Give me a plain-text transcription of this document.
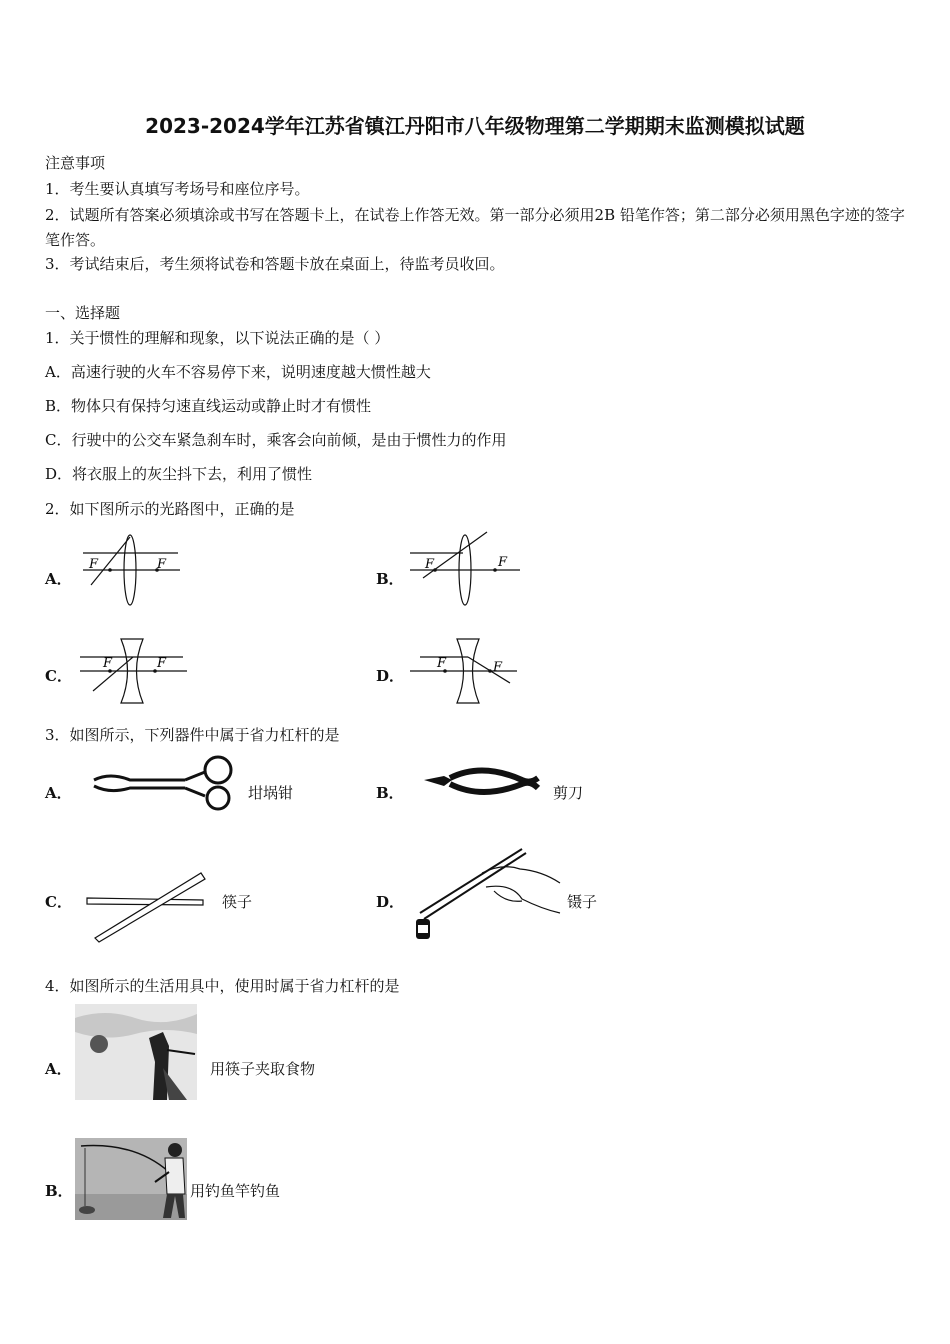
2023-2024学年江苏省镇江丹阳市八年级物理第二学期期末监测模拟试题
注意事项
1．考生要认真填写考场号和座位序号。
2．试题所有答案必须填涂或书写在答题卡上，在试卷上作答无效。第一部分必须用2B 铅笔作答；第二部分必须用黑色字迹的签字笔作答。
3．考试结束后，考生须将试卷和答题卡放在桌面上，待监考员收回。
一、选择题
1．关于惯性的理解和现象，以下说法正确的是（ ）
A．高速行驶的火车不容易停下来，说明速度越大惯性越大
B．物体只有保持匀速直线运动或静止时才有惯性
C．行驶中的公交车紧急刹车时，乘客会向前倾，是由于惯性力的作用
D．将衣服上的灰尘抖下去，利用了惯性
2．如下图所示的光路图中，正确的是
A．
F	F
B．
F	F
C．
F	F
D．
F	F
3．如图所示，下列器件中属于省力杠杆的是
A．	坩埚钳	B．	剪刀
C．	筷子	D．	镊子
4．如图所示的生活用具中，使用时属于省力杠杆的是
A．	用筷子夹取食物
B．	用钓鱼竿钓鱼
